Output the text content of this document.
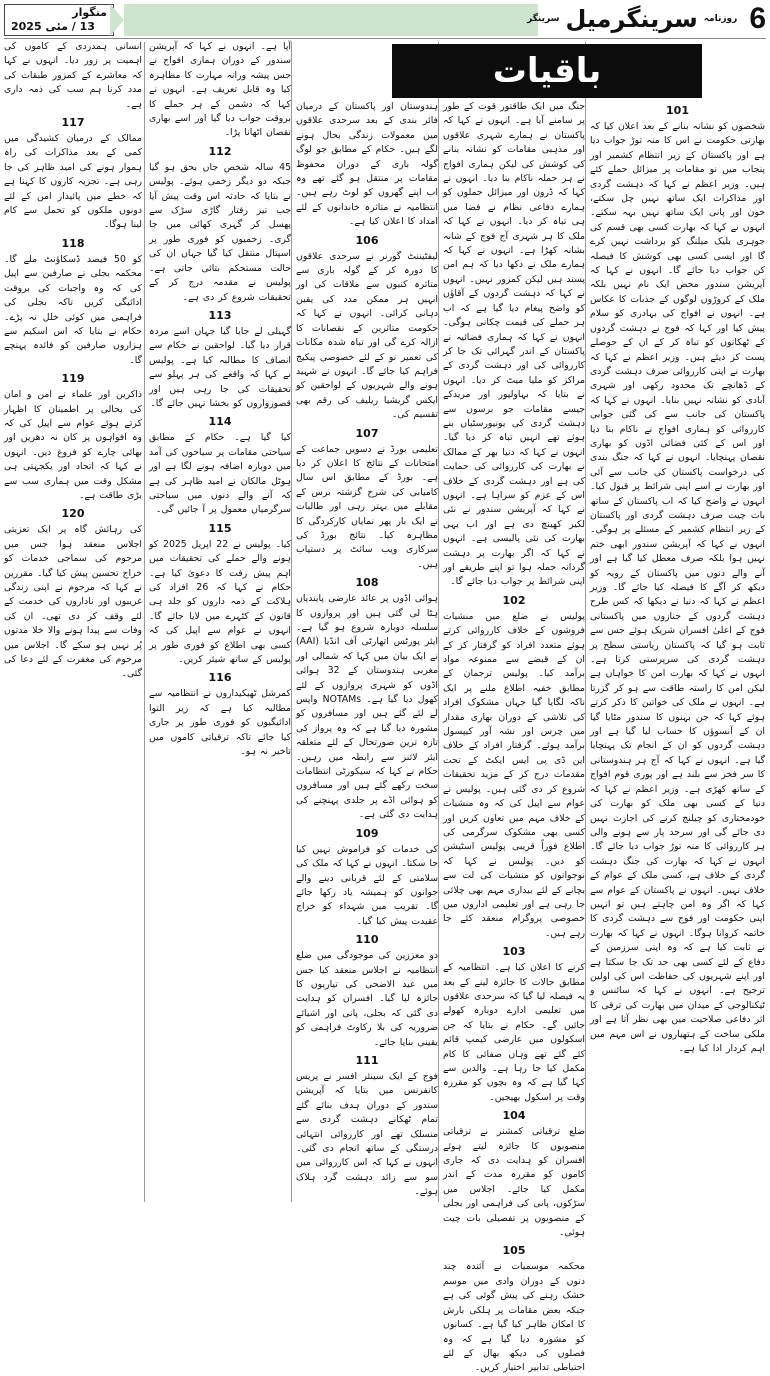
منگوار
13 / مئی 2025
سرینگر سرینگرمیل روزنامہ 6
باقیات
101

شخصوں کو نشانہ بنانے کے بعد اعلان کیا کہ بھارتی حکومت نے اس کا منہ توڑ جواب دیا ہے اور پاکستان کے زیر انتظام کشمیر اور پنجاب میں نو مقامات پر میزائل حملے کئے ہیں۔ وزیر اعظم نے کہا کہ دہشت گردی اور مذاکرات ایک ساتھ نہیں چل سکتے، خون اور پانی ایک ساتھ نہیں بہہ سکتے۔ انہوں نے کہا کہ بھارت کسی بھی قسم کی جوہری بلیک میلنگ کو برداشت نہیں کرے گا اور ایسی کسی بھی کوشش کا فیصلہ کن جواب دیا جائے گا۔ انہوں نے کہا کہ آپریشن سندور محض ایک نام نہیں بلکہ ملک کے کروڑوں لوگوں کے جذبات کا عکاس ہے۔ انہوں نے افواج کی بہادری کو سلام پیش کیا اور کہا کہ فوج نے دہشت گردوں کے ٹھکانوں کو تباہ کر کے ان کے حوصلے پست کر دیئے ہیں۔ وزیر اعظم نے کہا کہ بھارت نے اپنی کارروائی صرف دہشت گردی کے ڈھانچے تک محدود رکھی اور شہری آبادی کو نشانہ نہیں بنایا۔ انہوں نے کہا کہ پاکستان کی جانب سے کی گئی جوابی کارروائی کو ہماری افواج نے ناکام بنا دیا اور اس کے کئی فضائی اڈوں کو بھاری نقصان پہنچایا۔ انہوں نے کہا کہ جنگ بندی کی درخواست پاکستان کی جانب سے آئی اور بھارت نے اسے اپنی شرائط پر قبول کیا۔ انہوں نے واضح کیا کہ اب پاکستان کے ساتھ بات چیت صرف دہشت گردی اور پاکستان کے زیر انتظام کشمیر کے مسئلے پر ہوگی۔ انہوں نے کہا کہ آپریشن سندور ابھی ختم نہیں ہوا بلکہ صرف معطل کیا گیا ہے اور آنے والے دنوں میں پاکستان کے رویہ کو دیکھ کر آگے کا فیصلہ کیا جائے گا۔ وزیر اعظم نے کہا کہ دنیا نے دیکھا کہ کس طرح دہشت گردوں کے جنازوں میں پاکستانی فوج کے اعلیٰ افسران شریک ہوئے جس سے ثابت ہو گیا کہ پاکستان ریاستی سطح پر دہشت گردی کی سرپرستی کرتا ہے۔ انہوں نے کہا کہ بھارت امن کا خواہاں ہے لیکن امن کا راستہ طاقت سے ہو کر گزرتا ہے۔ انہوں نے ملک کی خواتین کا ذکر کرتے ہوئے کہا کہ جن بہنوں کا سندور مٹایا گیا ان کے آنسوؤں کا حساب لیا گیا ہے اور دہشت گردوں کو ان کے انجام تک پہنچایا گیا ہے۔ انہوں نے کہا کہ آج ہر ہندوستانی کا سر فخر سے بلند ہے اور پوری قوم افواج کے ساتھ کھڑی ہے۔ وزیر اعظم نے کہا کہ دنیا کے کسی بھی ملک کو بھارت کی خودمختاری کو چیلنج کرنے کی اجازت نہیں دی جائے گی اور سرحد پار سے ہونے والی ہر کارروائی کا منہ توڑ جواب دیا جائے گا۔ انہوں نے کہا کہ بھارت کی جنگ دہشت گردی کے خلاف ہے، کسی ملک کے عوام کے خلاف نہیں۔ انہوں نے پاکستان کے عوام سے کہا کہ اگر وہ امن چاہتے ہیں تو انہیں اپنی حکومت اور فوج سے دہشت گردی کا خاتمہ کروانا ہوگا۔ انہوں نے کہا کہ بھارت نے ثابت کیا ہے کہ وہ اپنی سرزمین کے دفاع کے لئے کسی بھی حد تک جا سکتا ہے اور اپنے شہریوں کی حفاظت اس کی اولین ترجیح ہے۔ انہوں نے کہا کہ سائنس و ٹیکنالوجی کے میدان میں بھارت کی ترقی کا اثر دفاعی صلاحیت میں بھی نظر آتا ہے اور ملکی ساخت کے ہتھیاروں نے اس مہم میں اہم کردار ادا کیا ہے۔

جنگ میں ایک طاقتور قوت کے طور پر سامنے آیا ہے۔ انہوں نے کہا کہ پاکستان نے ہمارے شہری علاقوں اور مذہبی مقامات کو نشانہ بنانے کی کوشش کی لیکن ہماری افواج نے ہر حملہ ناکام بنا دیا۔ انہوں نے کہا کہ ڈرون اور میزائل حملوں کو ہمارے دفاعی نظام نے فضا میں ہی تباہ کر دیا۔ انہوں نے کہا کہ ملک کا ہر شہری آج فوج کے شانہ بشانہ کھڑا ہے۔ انہوں نے کہا کہ ہمارے ملک نے دکھا دیا کہ ہم امن پسند ہیں لیکن کمزور نہیں۔ انہوں نے کہا کہ دہشت گردوں کے آقاؤں کو واضح پیغام دیا گیا ہے کہ اب ہر حملے کی قیمت چکانی ہوگی۔ انہوں نے کہا کہ ہماری فضائیہ نے پاکستان کے اندر گہرائی تک جا کر کارروائی کی اور دہشت گردی کے مراکز کو ملیا میٹ کر دیا۔ انہوں نے بتایا کہ بہاولپور اور مریدکے جیسے مقامات جو برسوں سے دہشت گردی کی یونیورسٹیاں بنے ہوئے تھے انہیں تباہ کر دیا گیا۔ انہوں نے کہا کہ دنیا بھر کے ممالک نے بھارت کی کارروائی کی حمایت کی ہے اور دہشت گردی کے خلاف اس کے عزم کو سراہا ہے۔ انہوں نے کہا کہ آپریشن سندور نے نئی لکیر کھینچ دی ہے اور اب یہی بھارت کی نئی پالیسی ہے۔ انہوں نے کہا کہ اگر بھارت پر دہشت گردانہ حملہ ہوا تو اپنے طریقے اور اپنی شرائط پر جواب دیا جائے گا۔

102

پولیس نے ضلع میں منشیات فروشوں کے خلاف کارروائی کرتے ہوئے متعدد افراد کو گرفتار کر کے ان کے قبضے سے ممنوعہ مواد برآمد کیا۔ پولیس ترجمان کے مطابق خفیہ اطلاع ملنے پر ایک ناکہ لگایا گیا جہاں مشکوک افراد کی تلاشی کے دوران بھاری مقدار میں چرس اور نشہ آور کیپسول برآمد ہوئے۔ گرفتار افراد کے خلاف این ڈی پی ایس ایکٹ کے تحت مقدمات درج کر کے مزید تحقیقات شروع کر دی گئی ہیں۔ پولیس نے عوام سے اپیل کی کہ وہ منشیات کے خلاف مہم میں تعاون کریں اور کسی بھی مشکوک سرگرمی کی اطلاع فوراً قریبی پولیس اسٹیشن کو دیں۔ پولیس نے کہا کہ نوجوانوں کو منشیات کی لت سے بچانے کے لئے بیداری مہم بھی چلائی جا رہی ہے اور تعلیمی اداروں میں خصوصی پروگرام منعقد کئے جا رہے ہیں۔

103

کرنے کا اعلان کیا ہے۔ انتظامیہ کے مطابق حالات کا جائزہ لینے کے بعد یہ فیصلہ لیا گیا کہ سرحدی علاقوں میں تعلیمی ادارے دوبارہ کھولے جائیں گے۔ حکام نے بتایا کہ جن اسکولوں میں عارضی کیمپ قائم کئے گئے تھے وہاں صفائی کا کام مکمل کیا جا رہا ہے۔ والدین سے کہا گیا ہے کہ وہ بچوں کو مقررہ وقت پر اسکول بھیجیں۔

104

ضلع ترقیاتی کمشنر نے ترقیاتی منصوبوں کا جائزہ لیتے ہوئے افسران کو ہدایت دی کہ جاری کاموں کو مقررہ مدت کے اندر مکمل کیا جائے۔ اجلاس میں سڑکوں، پانی کی فراہمی اور بجلی کے منصوبوں پر تفصیلی بات چیت ہوئی۔

105

محکمہ موسمیات نے آئندہ چند دنوں کے دوران وادی میں موسم خشک رہنے کی پیش گوئی کی ہے جبکہ بعض مقامات پر ہلکی بارش کا امکان ظاہر کیا گیا ہے۔ کسانوں کو مشورہ دیا گیا ہے کہ وہ فصلوں کی دیکھ بھال کے لئے احتیاطی تدابیر اختیار کریں۔

ہندوستان اور پاکستان کے درمیان فائر بندی کے بعد سرحدی علاقوں میں معمولات زندگی بحال ہونے لگے ہیں۔ حکام کے مطابق جو لوگ گولہ باری کے دوران محفوظ مقامات پر منتقل ہو گئے تھے وہ اب اپنے گھروں کو لوٹ رہے ہیں۔ انتظامیہ نے متاثرہ خاندانوں کے لئے امداد کا اعلان کیا ہے۔

106

لیفٹیننٹ گورنر نے سرحدی علاقوں کا دورہ کر کے گولہ باری سے متاثرہ کنبوں سے ملاقات کی اور انہیں ہر ممکن مدد کی یقین دہانی کرائی۔ انہوں نے کہا کہ حکومت متاثرین کے نقصانات کا ازالہ کرے گی اور تباہ شدہ مکانات کی تعمیر نو کے لئے خصوصی پیکیج فراہم کیا جائے گا۔ انہوں نے شہید ہونے والے شہریوں کے لواحقین کو ایکس گریشیا ریلیف کی رقم بھی تقسیم کی۔

107

تعلیمی بورڈ نے دسویں جماعت کے امتحانات کے نتائج کا اعلان کر دیا ہے۔ بورڈ کے مطابق اس سال کامیابی کی شرح گزشتہ برس کے مقابلے میں بہتر رہی اور طالبات نے ایک بار پھر نمایاں کارکردگی کا مظاہرہ کیا۔ نتائج بورڈ کی سرکاری ویب سائٹ پر دستیاب ہیں۔

108

ہوائی اڈوں پر عائد عارضی پابندیاں ہٹا لی گئی ہیں اور پروازوں کا سلسلہ دوبارہ شروع ہو گیا ہے۔ ایئر پورٹس اتھارٹی آف انڈیا (AAI) نے ایک بیان میں کہا کہ شمالی اور مغربی ہندوستان کے 32 ہوائی اڈوں کو شہری پروازوں کے لئے کھول دیا گیا ہے۔ NOTAMs واپس لے لئے گئے ہیں اور مسافروں کو مشورہ دیا گیا ہے کہ وہ پرواز کی تازہ ترین صورتحال کے لئے متعلقہ ایئر لائنز سے رابطہ میں رہیں۔ حکام نے کہا کہ سیکورٹی انتظامات سخت رکھے گئے ہیں اور مسافروں کو ہوائی اڈے پر جلدی پہنچنے کی ہدایت دی گئی ہے۔

109

کی خدمات کو فراموش نہیں کیا جا سکتا۔ انہوں نے کہا کہ ملک کی سلامتی کے لئے قربانی دینے والے جوانوں کو ہمیشہ یاد رکھا جائے گا۔ تقریب میں شہداء کو خراج عقیدت پیش کیا گیا۔

110

دو معززین کی موجودگی میں ضلع انتظامیہ نے اجلاس منعقد کیا جس میں عید الاضحی کی تیاریوں کا جائزہ لیا گیا۔ افسران کو ہدایت دی گئی کہ بجلی، پانی اور اشیائے ضروریہ کی بلا رکاوٹ فراہمی کو یقینی بنایا جائے۔

111

فوج کے ایک سینئر افسر نے پریس کانفرنس میں بتایا کہ آپریشن سندور کے دوران ہدف بنائے گئے تمام ٹھکانے دہشت گردی سے منسلک تھے اور کارروائی انتہائی درستگی کے ساتھ انجام دی گئی۔ انہوں نے کہا کہ اس کارروائی میں سو سے زائد دہشت گرد ہلاک ہوئے۔

آپا ہے۔ انہوں نے کہا کہ آپریشن سندور کے دوران ہماری افواج نے جس پیشہ ورانہ مہارت کا مظاہرہ کیا وہ قابل تعریف ہے۔ انہوں نے کہا کہ دشمن کے ہر حملے کا بروقت جواب دیا گیا اور اسے بھاری نقصان اٹھانا پڑا۔

112

45 سالہ شخص جاں بحق ہو گیا جبکہ دو دیگر زخمی ہوئے۔ پولیس نے بتایا کہ حادثہ اس وقت پیش آیا جب تیز رفتار گاڑی سڑک سے پھسل کر گہری کھائی میں جا گری۔ زخمیوں کو فوری طور پر اسپتال منتقل کیا گیا جہاں ان کی حالت مستحکم بتائی جاتی ہے۔ پولیس نے مقدمہ درج کر کے تحقیقات شروع کر دی ہے۔

113

گہیلی لے جایا گیا جہاں اسے مردہ قرار دیا گیا۔ لواحقین نے حکام سے انصاف کا مطالبہ کیا ہے۔ پولیس نے کہا کہ واقعے کی ہر پہلو سے تحقیقات کی جا رہی ہیں اور قصورواروں کو بخشا نہیں جائے گا۔

114

کیا گیا ہے۔ حکام کے مطابق سیاحتی مقامات پر سیاحوں کی آمد میں دوبارہ اضافہ ہونے لگا ہے اور ہوٹل مالکان نے امید ظاہر کی ہے کہ آنے والے دنوں میں سیاحتی سرگرمیاں معمول پر آ جائیں گی۔

115

کیا۔ پولیس نے 22 اپریل 2025 کو ہونے والے حملے کی تحقیقات میں اہم پیش رفت کا دعویٰ کیا ہے۔ حکام نے کہا کہ 26 افراد کی ہلاکت کے ذمہ داروں کو جلد ہی قانون کے کٹہرے میں لایا جائے گا۔ انہوں نے عوام سے اپیل کی کہ کسی بھی اطلاع کو فوری طور پر پولیس کے ساتھ شیئر کریں۔

116

کمرشل ٹھیکیداروں نے انتظامیہ سے مطالبہ کیا ہے کہ زیر التوا ادائیگیوں کو فوری طور پر جاری کیا جائے تاکہ ترقیاتی کاموں میں تاخیر نہ ہو۔

انسانی ہمدردی کے کاموں کی اہمیت پر زور دیا۔ انہوں نے کہا کہ معاشرے کے کمزور طبقات کی مدد کرنا ہم سب کی ذمہ داری ہے۔

117

ممالک کے درمیان کشیدگی میں کمی کے بعد مذاکرات کی راہ ہموار ہونے کی امید ظاہر کی جا رہی ہے۔ تجزیہ کاروں کا کہنا ہے کہ خطے میں پائیدار امن کے لئے دونوں ملکوں کو تحمل سے کام لینا ہوگا۔

118

کو 50 فیصد ڈسکاؤنٹ ملے گا۔ محکمہ بجلی نے صارفین سے اپیل کی کہ وہ واجبات کی بروقت ادائیگی کریں تاکہ بجلی کی فراہمی میں کوئی خلل نہ پڑے۔ حکام نے بتایا کہ اس اسکیم سے ہزاروں صارفین کو فائدہ پہنچے گا۔

119

ذاکرین اور علماء نے امن و امان کی بحالی پر اطمینان کا اظہار کرتے ہوئے عوام سے اپیل کی کہ وہ افواہوں پر کان نہ دھریں اور بھائی چارے کو فروغ دیں۔ انہوں نے کہا کہ اتحاد اور یکجہتی ہی مشکل وقت میں ہماری سب سے بڑی طاقت ہے۔

120

کی رہائش گاہ پر ایک تعزیتی اجلاس منعقد ہوا جس میں مرحوم کی سماجی خدمات کو خراج تحسین پیش کیا گیا۔ مقررین نے کہا کہ مرحوم نے اپنی زندگی غریبوں اور ناداروں کی خدمت کے لئے وقف کر دی تھی۔ ان کی وفات سے پیدا ہونے والا خلا مدتوں پُر نہیں ہو سکے گا۔ اجلاس میں مرحوم کی مغفرت کے لئے دعا کی گئی۔
